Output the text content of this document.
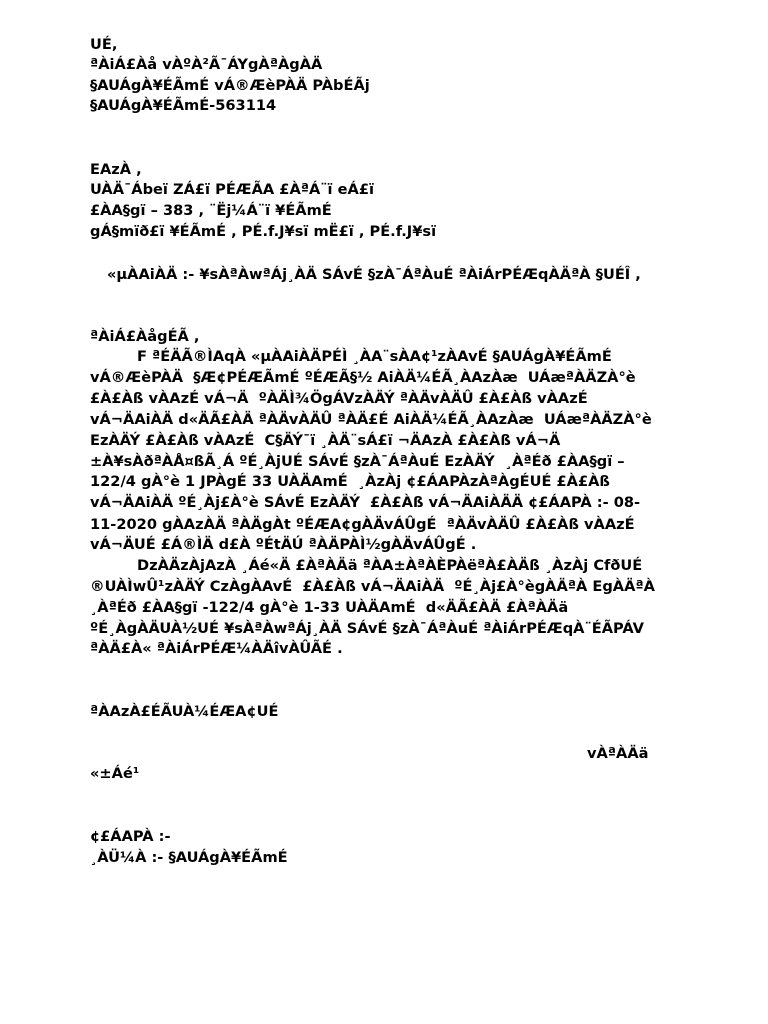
UÉ,
ªÀiÁ£Àå vÀºÀ²Ã¯ÁYgÀªÀgÀÄ
§AUÁgÀ¥ÉÃmÉ vÁ®ÆèPÀÄ PÀbÉÃj
§AUÁgÀ¥ÉÃmÉ-563114
EAzÀ ,
UÀÄ¯Ábeï ZÁ£ï PÉÆÃA £ÀªÁ¨ï eÁ£ï
£ÀA§gï – 383 , ¨Ëj¼Á¨ï ¥ÉÃmÉ
gÁ§mïð£ï ¥ÉÃmÉ , PÉ.f.J¥sï mË£ï , PÉ.f.J¥sï
«µÀAiÀÄ :- ¥sÀªÀwªÁj¸ÀÄ SÁvÉ §zÀ¯ÁªÀuÉ ªÀiÁrPÉÆqÀÄªÀ §UÉÎ ,
ªÀiÁ£ÀågÉÃ ,
F ªÉÄÃ®ÌAqÀ «µÀAiÀÄPÉÌ ¸ÀA¨sÀA¢¹zÀAvÉ §AUÁgÀ¥ÉÃmÉ
vÁ®ÆèPÀÄ  §Æ¢PÉÆÃmÉ ºÉÆÃ§½ AiÀÄ¼ÉÃ¸ÀAzÀæ  UÁæªÀÄZÀ°è
£À£Àß vÀAzÉ vÁ¬Ä  ºÀÄÌ¾ÖgÁVzÀÄÝ ªÀÄvÀÄÛ £À£Àß vÀAzÉ
vÁ¬ÄAiÀÄ d«ÄÃ£ÀÄ ªÀÄvÀÄÛ ªÀÄ£É AiÀÄ¼ÉÃ¸ÀAzÀæ  UÁæªÀÄZÀ°è
EzÀÄÝ £À£Àß vÀAzÉ  C§ÄÝ¯ï ¸ÀÄ¨sÁ£ï ¬ÄAzÀ £À£Àß vÁ¬Ä
±À¥sÀðªÀÅ¤ßÃ¸Á ºÉ¸ÀjUÉ SÁvÉ §zÀ¯ÁªÀuÉ EzÀÄÝ  ¸ÀªÉð £ÀA§gï –
122/4 gÀ°è 1 JPÀgÉ 33 UÀÄAmÉ  ¸ÀzÀj ¢£ÁAPÀzÀªÀgÉUÉ £À£Àß
vÁ¬ÄAiÀÄ ºÉ¸Àj£À°è SÁvÉ EzÀÄÝ  £À£Àß vÁ¬ÄAiÀÄÄ ¢£ÁAPÀ :- 08-
11-2020 gÀAzÀÄ ªÀÄgÀt ºÉÆA¢gÀÄvÁÛgÉ  ªÀÄvÀÄÛ £À£Àß vÀAzÉ
vÁ¬ÄUÉ £Á®ÌÄ d£À ºÉtÄÚ ªÀÄPÀÌ½gÀÄvÁÛgÉ .
DzÀÄzÀjAzÀ ¸Áé«Ä £ÀªÀÄä ªÀA±ÀªÀÈPÀëªÀ£ÀÄß ¸ÀzÀj CfðUÉ
®UÀÌwÛ¹zÀÄÝ CzÀgÀAvÉ  £À£Àß vÁ¬ÄAiÀÄ  ºÉ¸Àj£À°ègÀÄªÀ EgÀÄªÀ
¸ÀªÉð £ÀA§gï -122/4 gÀ°è 1-33 UÀÄAmÉ  d«ÄÃ£ÀÄ £ÀªÀÄä
ºÉ¸ÀgÀÄUÀ½UÉ ¥sÀªÀwªÁj¸ÀÄ SÁvÉ §zÀ¯ÁªÀuÉ ªÀiÁrPÉÆqÀ¨ÉÃPÁV
ªÀÄ£À« ªÀiÁrPÉÆ¼ÀÄîvÀÛÃÉ .
ªÀAzÀ£ÉÃUÀ¼ÉÆA¢UÉ
vÀªÀÄä
«±Áé¹
¢£ÁAPÀ :-
¸ÀÜ¼À :- §AUÁgÀ¥ÉÃmÉ
